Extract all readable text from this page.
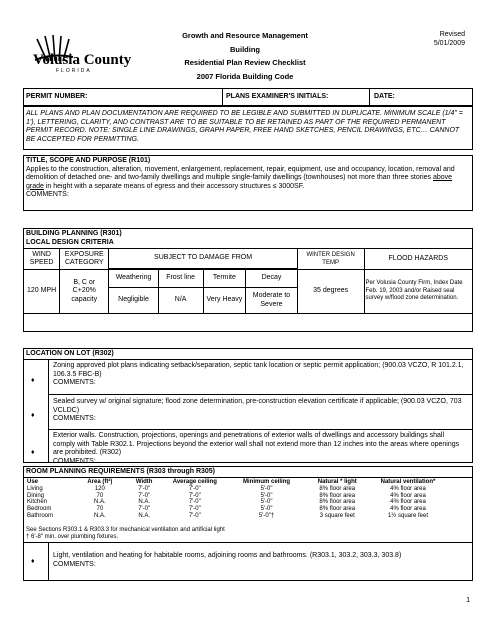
Volusia County
FLORIDA
Growth and Resource Management
Building
Residential Plan Review Checklist
2007 Florida Building Code
Revised
5/01/2009
PERMIT NUMBER:	PLANS EXAMINER'S INITIALS:	DATE:
ALL PLANS AND PLAN DOCUMENTATION ARE REQUIRED TO BE LEGIBLE AND SUBMITTED IN DUPLICATE. MINIMUM SCALE (1/4" = 1'), LETTERING, CLARITY, AND CONTRAST ARE TO BE SUITABLE TO BE RETAINED AS PART OF THE REQUIRED PERMANENT PERMIT RECORD. NOTE: SINGLE LINE DRAWINGS, GRAPH PAPER, FREE HAND SKETCHES, PENCIL DRAWINGS, ETC… CANNOT BE ACCEPTED FOR PERMITTING.
TITLE, SCOPE AND PURPOSE (R101)
Applies to the construction, alteration, movement, enlargement, replacement, repair, equipment, use and occupancy, location, removal and demolition of detached one- and two-family dwellings and multiple single-family dwellings (townhouses) not more than three stories above grade in height with a separate means of egress and their accessory structures ≤ 3000SF.
COMMENTS:
BUILDING PLANNING (R301)
LOCAL DESIGN CRITERIA
WIND SPEED	EXPOSURE CATEGORY	SUBJECT TO DAMAGE FROM				WINTER DESIGN TEMP	FLOOD HAZARDS

120 MPH	B, C or C+20% capacity	Weathering	Frost line	Termite	Decay	35 degrees	Per Volusia County Firm, Index Date Feb. 19, 2003 and/or Raised seal survey w/flood zone determination.
		Negligible	N/A	Very Heavy	Moderate to Severe		
LOCATION ON LOT (R302)
♦
Zoning approved plot plans indicating setback/separation, septic tank location or septic permit application; (900.03 VCZO, R 101.2.1, 106.3.5 FBC-B)
COMMENTS:
♦
Sealed survey w/ original signature; flood zone determination, pre-construction elevation certificate if applicable; (900.03 VCZO, 703 VCLDC)
COMMENTS:
♦
Exterior walls. Construction, projections, openings and penetrations of exterior walls of dwellings and accessory buildings shall comply with Table R302.1. Projections beyond the exterior wall shall not extend more than 12 inches into the areas where openings are prohibited. (R302)
COMMENTS:
ROOM PLANNING REQUIREMENTS (R303 through R305)
Use	Area (ft²)	Width	Average ceiling	Minimum ceiling	Natural * light	Natural ventilation*
Living	120	7'-0"	7'-0"	5'-0"	8% floor area	4% floor area
Dining	70	7'-0"	7'-0"	5'-0"	8% floor area	4% floor area
Kitchen	N.A.	N.A.	7'-0"	5'-0"	8% floor area	4% floor area
Bedroom	70	7'-0"	7'-0"	5'-0"	8% floor area	4% floor area
Bathroom	N.A.	N.A.	7'-0"	5'-0"†	3 square feet	1½ square feet
See Sections R303.1 & R303.3 for mechanical ventilation and artificial light
† 6'-8" min. over plumbing fixtures.
♦
Light, ventilation and heating for habitable rooms, adjoining rooms and bathrooms. (R303.1, 303.2, 303.3, 303.8)
COMMENTS:
1
